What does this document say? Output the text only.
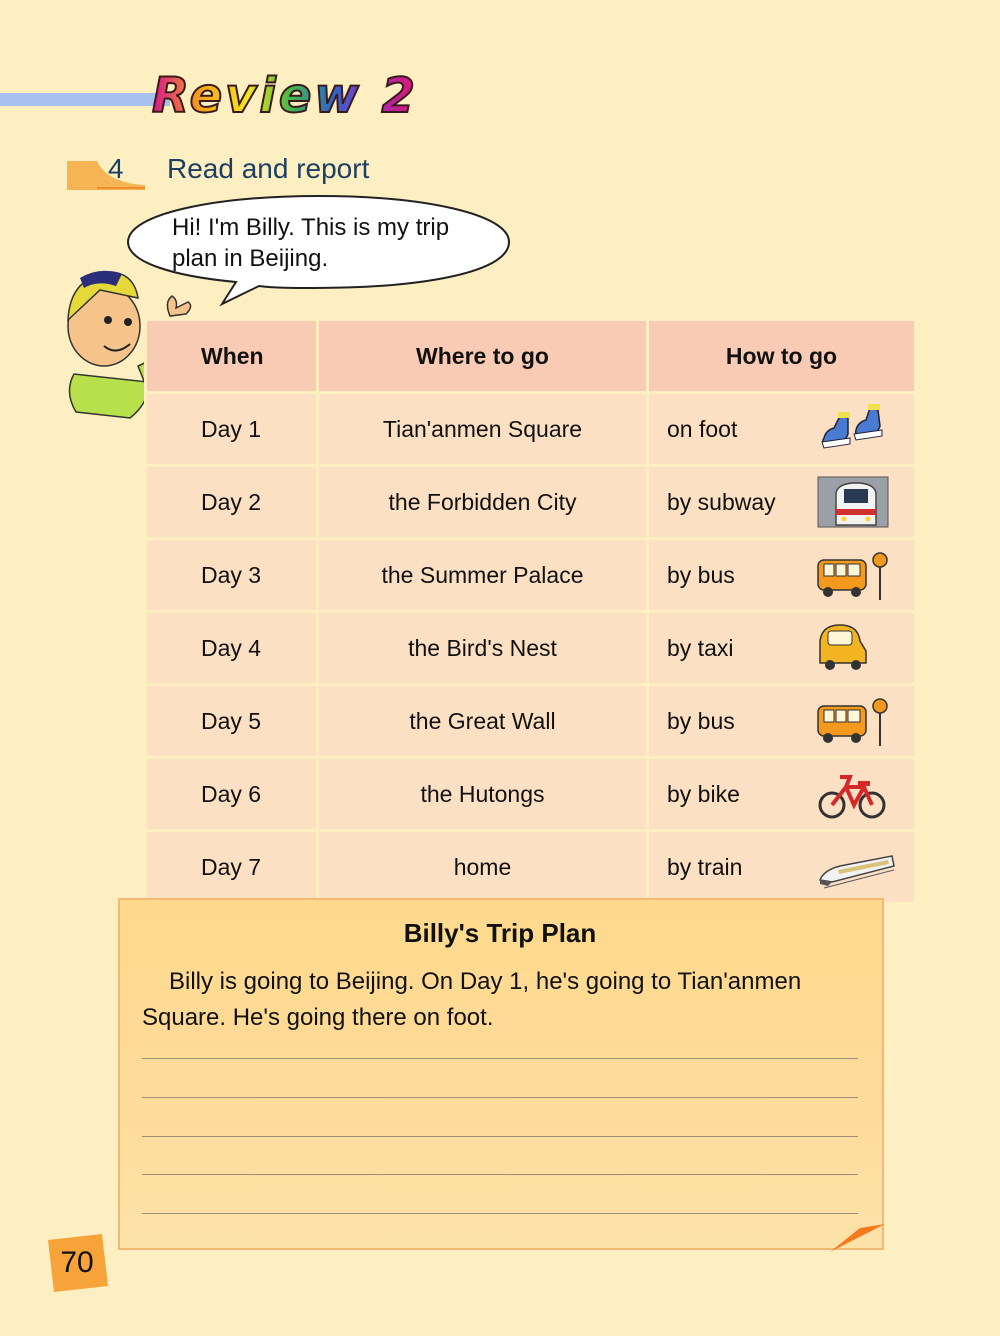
Review 2
4 Read and report
Hi! I'm Billy. This is my trip plan in Beijing.
When	Where to go	How to go
Day 1	Tian'anmen Square	on foot

Day 2	the Forbidden City	by subway

Day 3	the Summer Palace	by bus

Day 4	the Bird's Nest	by taxi

Day 5	the Great Wall	by bus

Day 6	the Hutongs	by bike

Day 7	home	by train
Billy's Trip Plan
Billy is going to Beijing. On Day 1, he's going to Tian'anmen Square. He's going there on foot.
70
